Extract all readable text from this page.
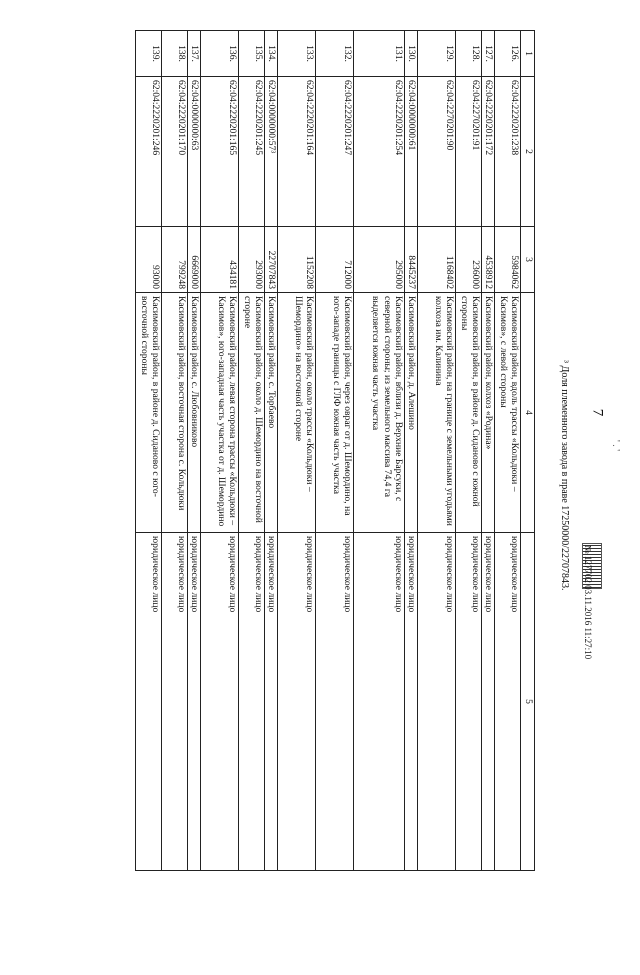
7
1	2	3	4	5
126.	62:04:2220201:238	5984062	Касимовский район, вдоль трассы «Кольдюки – Касимов», с левой стороны	юридическое лицо
127.	62:04:2220201:172	4538912	Касимовский район, колхоз «Родина»	юридическое лицо
128.	62:04:2270201:91	236000	Касимовский район, в районе д. Сиданово с южной стороны	юридическое лицо
129.	62:04:2270201:90	1168402	Касимовский район, на границе с земельными угодьями колхоза им. Калинина	юридическое лицо
130.	62:04:0000000:61	8445237	Касимовский район, д. Алешино	юридическое лицо
131.	62:04:2220201:254	295000	Касимовский район, вблизи д. Верхние Барсуки, с северной стороны; из земельного массива 74,4 га выделяется южная часть участка	юридическое лицо
132.	62:04:2220201:247	712000	Касимовский район, через овраг от д. Шемордино, на юго-западе границы с ГЛФ южная часть участка	юридическое лицо
133.	62:04:2220201:164	1152208	Касимовский район, около трассы «Кольдюки – Шемордино» на восточной стороне	юридическое лицо
134.	62:04:0000000:57³	22707843	Касимовский район, с. Торбаево	юридическое лицо
135.	62:04:2220201:245	293000	Касимовский район, около д. Шемордино на восточной стороне	юридическое лицо
136.	62:04:2220201:165	434181	Касимовский район, левая сторона трассы «Кольдюки – Касимов», юго-западная часть участка от д. Шемордино	юридическое лицо
137.	62:04:0000000:63	6669000	Касимовский район, с. Любовниково	юридическое лицо
138.	62:04:2220201:170	799248	Касимовский район, восточная сторона с. Кольдюки	юридическое лицо
139.	62:04:2220201:246	93000	Касимовский район, в районе д. Сиданово с юго-восточной стороны	юридическое лицо	³ Доля племенного завода в праве 17250000/22707843.
№ 127702 03.11.2016 11:27:10
' . '
